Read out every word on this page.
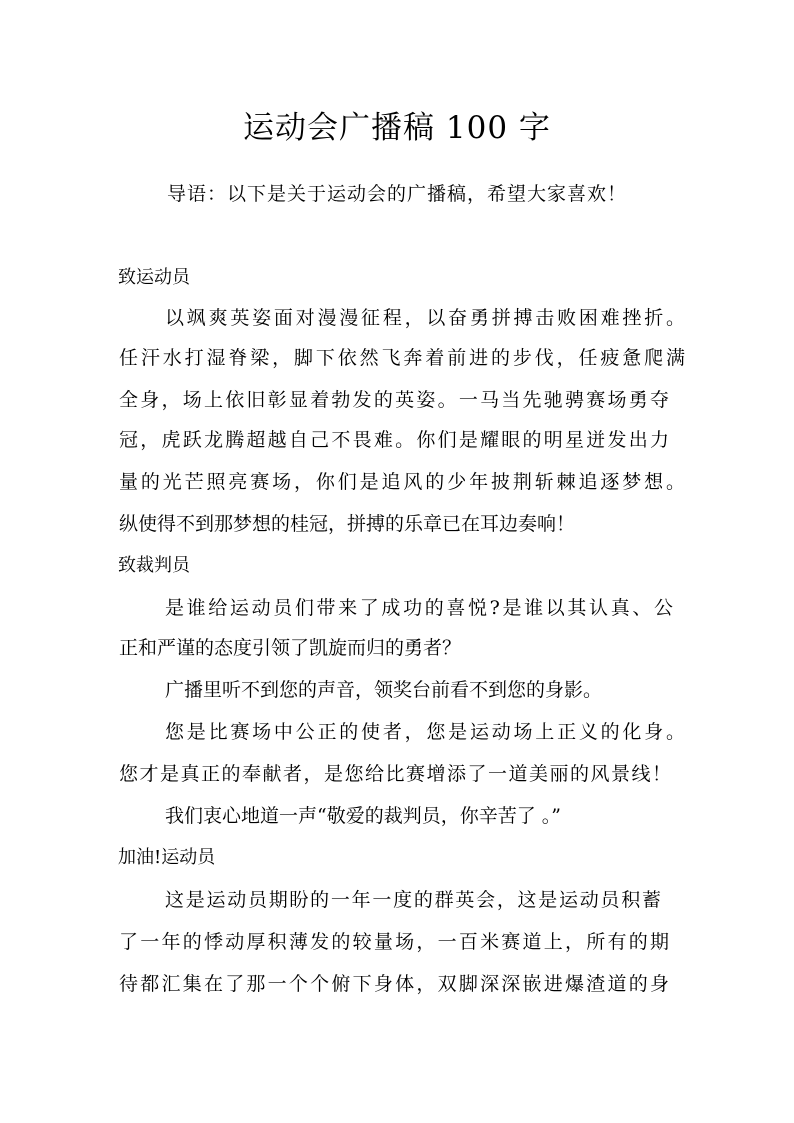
运动会广播稿 100 字

导语：以下是关于运动会的广播稿，希望大家喜欢！

致运动员

以飒爽英姿面对漫漫征程，以奋勇拼搏击败困难挫折。

任汗水打湿脊梁，脚下依然飞奔着前进的步伐，任疲惫爬满

全身，场上依旧彰显着勃发的英姿。一马当先驰骋赛场勇夺

冠，虎跃龙腾超越自己不畏难。你们是耀眼的明星迸发出力

量的光芒照亮赛场，你们是追风的少年披荆斩棘追逐梦想。

纵使得不到那梦想的桂冠，拼搏的乐章已在耳边奏响！

致裁判员

是谁给运动员们带来了成功的喜悦?是谁以其认真、公

正和严谨的态度引领了凯旋而归的勇者？

广播里听不到您的声音，领奖台前看不到您的身影。

您是比赛场中公正的使者，您是运动场上正义的化身。

您才是真正的奉献者，是您给比赛增添了一道美丽的风景线！

我们衷心地道一声“敬爱的裁判员，你辛苦了 。”

加油!运动员

这是运动员期盼的一年一度的群英会，这是运动员积蓄

了一年的悸动厚积薄发的较量场，一百米赛道上，所有的期

待都汇集在了那一个个俯下身体，双脚深深嵌进爆渣道的身
